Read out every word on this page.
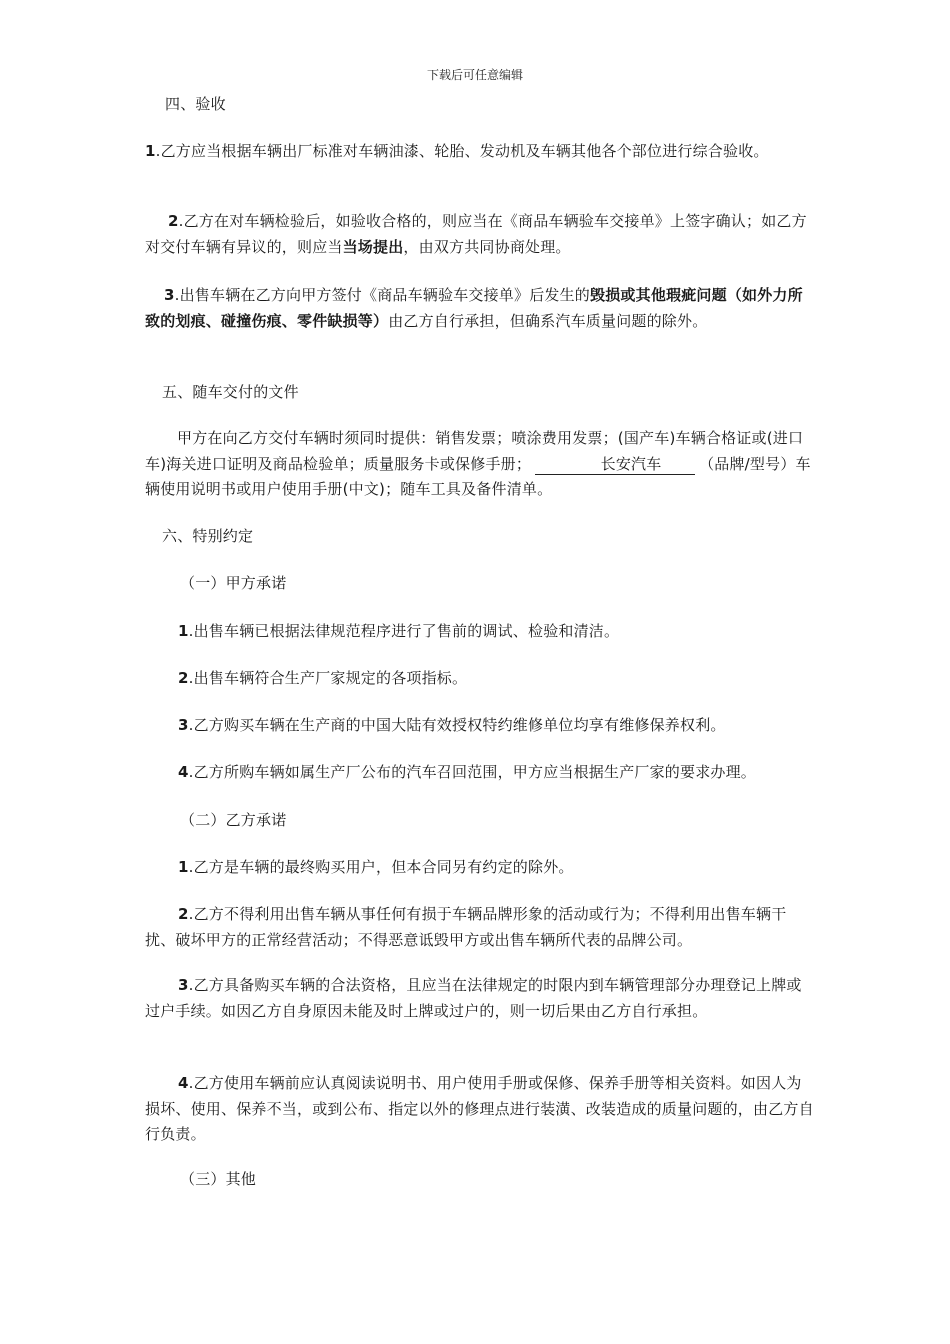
下载后可任意编辑
四、验收
1.乙方应当根据车辆出厂标准对车辆油漆、轮胎、发动机及车辆其他各个部位进行综合验收。
2.乙方在对车辆检验后，如验收合格的，则应当在《商品车辆验车交接单》上签字确认；如乙方对交付车辆有异议的，则应当当场提出，由双方共同协商处理。
3.出售车辆在乙方向甲方签付《商品车辆验车交接单》后发生的毁损或其他瑕疵问题（如外力所致的划痕、碰撞伤痕、零件缺损等）由乙方自行承担，但确系汽车质量问题的除外。
五、随车交付的文件
甲方在向乙方交付车辆时须同时提供：销售发票；喷涂费用发票；(国产车)车辆合格证或(进口车)海关进口证明及商品检验单；质量服务卡或保修手册；	长安汽车	（品牌/型号）车辆使用说明书或用户使用手册(中文)；随车工具及备件清单。
六、特别约定
（一）甲方承诺
1.出售车辆已根据法律规范程序进行了售前的调试、检验和清洁。
2.出售车辆符合生产厂家规定的各项指标。
3.乙方购买车辆在生产商的中国大陆有效授权特约维修单位均享有维修保养权利。
4.乙方所购车辆如属生产厂公布的汽车召回范围，甲方应当根据生产厂家的要求办理。
（二）乙方承诺
1.乙方是车辆的最终购买用户，但本合同另有约定的除外。
2.乙方不得利用出售车辆从事任何有损于车辆品牌形象的活动或行为；不得利用出售车辆干扰、破坏甲方的正常经营活动；不得恶意诋毁甲方或出售车辆所代表的品牌公司。
3.乙方具备购买车辆的合法资格，且应当在法律规定的时限内到车辆管理部分办理登记上牌或过户手续。如因乙方自身原因未能及时上牌或过户的，则一切后果由乙方自行承担。
4.乙方使用车辆前应认真阅读说明书、用户使用手册或保修、保养手册等相关资料。如因人为损坏、使用、保养不当，或到公布、指定以外的修理点进行装潢、改装造成的质量问题的，由乙方自行负责。
（三）其他
